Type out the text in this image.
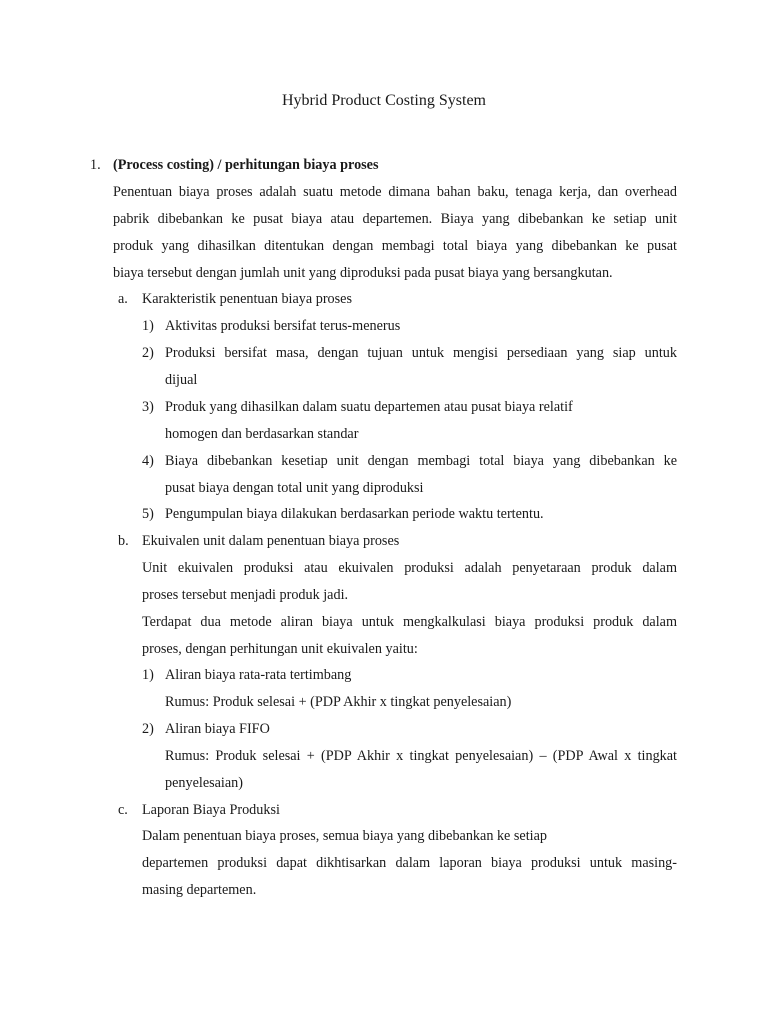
Hybrid Product Costing System
1. (Process costing) / perhitungan biaya proses

Penentuan biaya proses adalah suatu metode dimana bahan baku, tenaga kerja, dan overhead

pabrik dibebankan ke pusat biaya atau departemen. Biaya yang dibebankan ke setiap unit

produk yang dihasilkan ditentukan dengan membagi total biaya yang dibebankan ke pusat

biaya tersebut dengan jumlah unit yang diproduksi pada pusat biaya yang bersangkutan.

a. Karakteristik penentuan biaya proses

1) Aktivitas produksi bersifat terus-menerus

2) Produksi bersifat masa, dengan tujuan untuk mengisi persediaan yang siap untuk

dijual

3) Produk yang dihasilkan dalam suatu departemen atau pusat biaya relatif

homogen dan berdasarkan standar

4) Biaya dibebankan kesetiap unit dengan membagi total biaya yang dibebankan ke

pusat biaya dengan total unit yang diproduksi

5) Pengumpulan biaya dilakukan berdasarkan periode waktu tertentu.

b. Ekuivalen unit dalam penentuan biaya proses

Unit ekuivalen produksi atau ekuivalen produksi adalah penyetaraan produk dalam

proses tersebut menjadi produk jadi.

Terdapat dua metode aliran biaya untuk mengkalkulasi biaya produksi produk dalam

proses, dengan perhitungan unit ekuivalen yaitu:

1) Aliran biaya rata-rata tertimbang

Rumus: Produk selesai + (PDP Akhir x tingkat penyelesaian)

2) Aliran biaya FIFO

Rumus: Produk selesai + (PDP Akhir x tingkat penyelesaian) – (PDP Awal x tingkat

penyelesaian)

c. Laporan Biaya Produksi

Dalam penentuan biaya proses, semua biaya yang dibebankan ke setiap

departemen produksi dapat dikhtisarkan dalam laporan biaya produksi untuk masing-

masing departemen.
